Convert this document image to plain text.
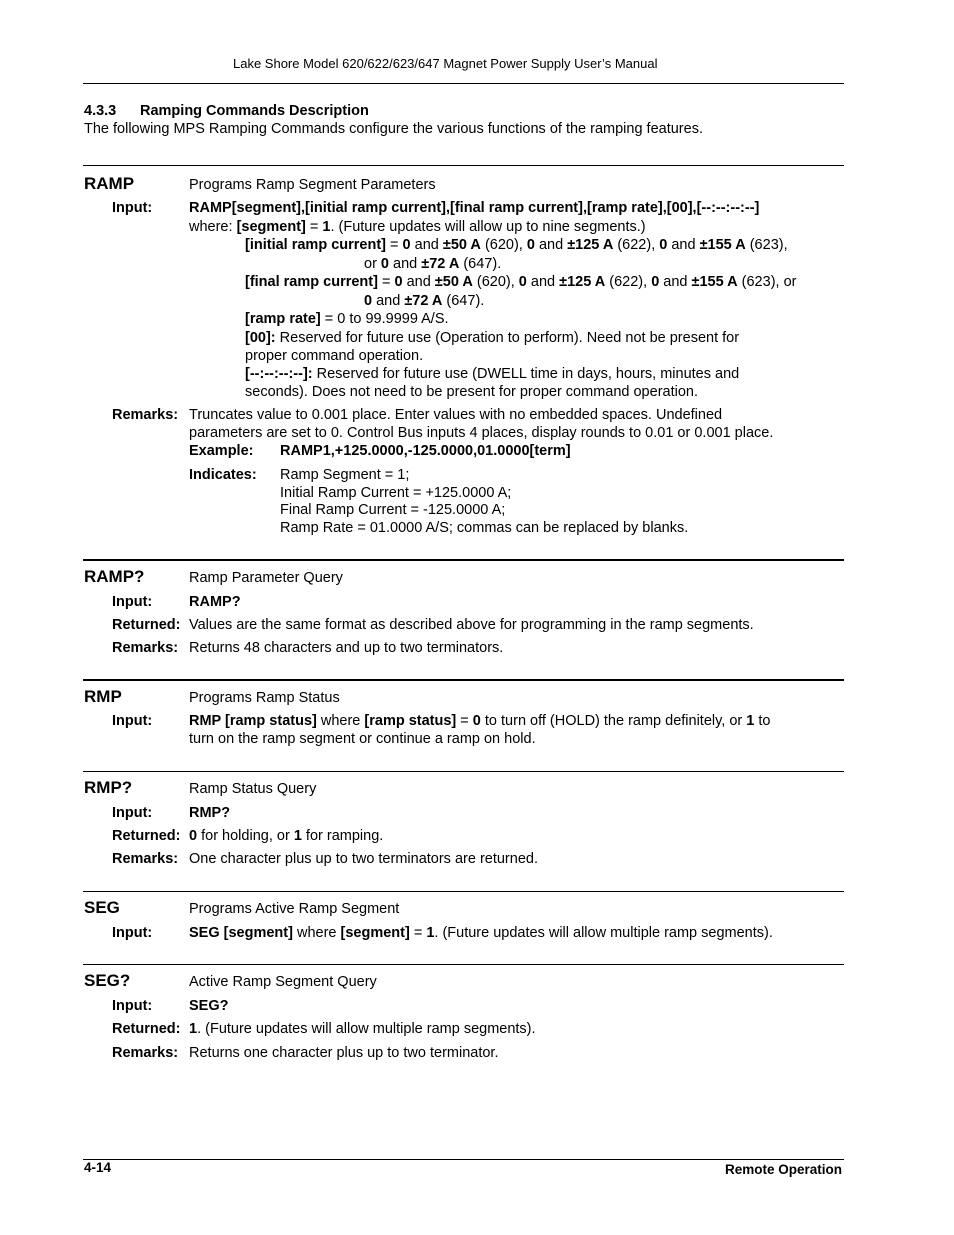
Lake Shore Model 620/622/623/647 Magnet Power Supply User’s Manual
4.3.3 Ramping Commands Description
The following MPS Ramping Commands configure the various functions of the ramping features.
RAMP	Programs Ramp Segment Parameters
Input:	RAMP[segment],[initial ramp current],[final ramp current],[ramp rate],[00],[--:--:--:--]
where: [segment] = 1. (Future updates will allow up to nine segments.)
[initial ramp current] = 0 and ±50 A (620), 0 and ±125 A (622), 0 and ±155 A (623),
or 0 and ±72 A (647).
[final ramp current] = 0 and ±50 A (620), 0 and ±125 A (622), 0 and ±155 A (623), or
0 and ±72 A (647).
[ramp rate] = 0 to 99.9999 A/S.
[00]: Reserved for future use (Operation to perform). Need not be present for
proper command operation.
[--:--:--:--]: Reserved for future use (DWELL time in days, hours, minutes and
seconds). Does not need to be present for proper command operation.
Remarks: Truncates value to 0.001 place. Enter values with no embedded spaces. Undefined
parameters are set to 0. Control Bus inputs 4 places, display rounds to 0.01 or 0.001 place.
Example: RAMP1,+125.0000,-125.0000,01.0000[term]
Indicates: Ramp Segment = 1;
Initial Ramp Current = +125.0000 A;
Final Ramp Current = -125.0000 A;
Ramp Rate = 01.0000 A/S; commas can be replaced by blanks.
RAMP?	Ramp Parameter Query
Input:	RAMP?
Returned: Values are the same format as described above for programming in the ramp segments.
Remarks: Returns 48 characters and up to two terminators.
RMP	Programs Ramp Status
Input:	RMP [ramp status] where [ramp status] = 0 to turn off (HOLD) the ramp definitely, or 1 to
turn on the ramp segment or continue a ramp on hold.
RMP?	Ramp Status Query
Input:	RMP?
Returned: 0 for holding, or 1 for ramping.
Remarks: One character plus up to two terminators are returned.
SEG	Programs Active Ramp Segment
Input:	SEG [segment] where [segment] = 1. (Future updates will allow multiple ramp segments).
SEG?	Active Ramp Segment Query
Input:	SEG?
Returned: 1. (Future updates will allow multiple ramp segments).
Remarks: Returns one character plus up to two terminator.
4-14	Remote Operation
